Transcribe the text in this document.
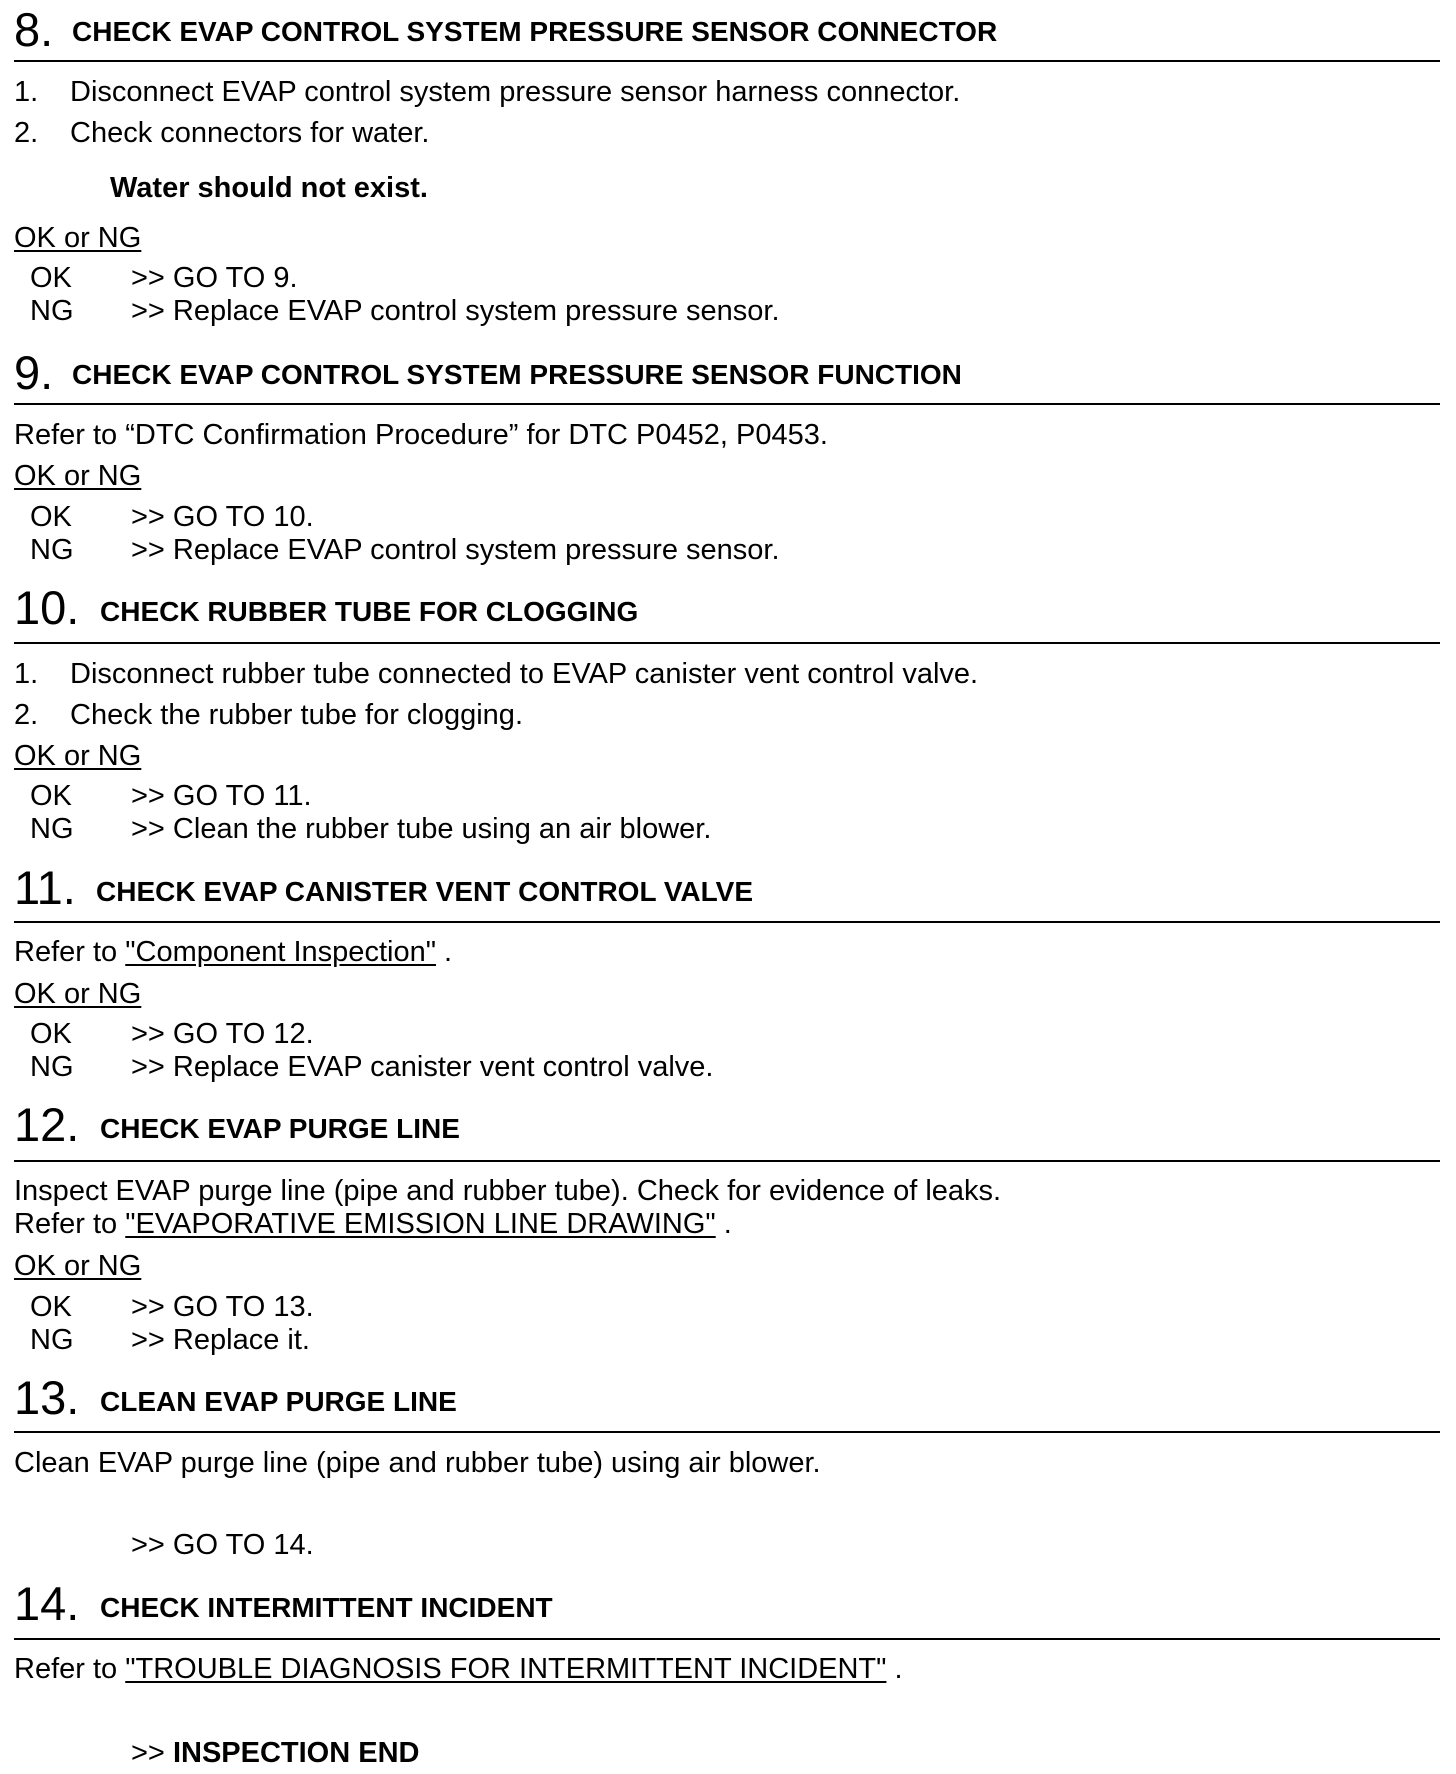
8. CHECK EVAP CONTROL SYSTEM PRESSURE SENSOR CONNECTOR
1. Disconnect EVAP control system pressure sensor harness connector.
2. Check connectors for water.
Water should not exist.
OK or NG
OK >> GO TO 9.
NG >> Replace EVAP control system pressure sensor.
9. CHECK EVAP CONTROL SYSTEM PRESSURE SENSOR FUNCTION
Refer to “DTC Confirmation Procedure” for DTC P0452, P0453.
OK or NG
OK >> GO TO 10.
NG >> Replace EVAP control system pressure sensor.
10. CHECK RUBBER TUBE FOR CLOGGING
1. Disconnect rubber tube connected to EVAP canister vent control valve.
2. Check the rubber tube for clogging.
OK or NG
OK >> GO TO 11.
NG >> Clean the rubber tube using an air blower.
11. CHECK EVAP CANISTER VENT CONTROL VALVE
Refer to "Component Inspection" .
OK or NG
OK >> GO TO 12.
NG >> Replace EVAP canister vent control valve.
12. CHECK EVAP PURGE LINE
Inspect EVAP purge line (pipe and rubber tube). Check for evidence of leaks.
Refer to "EVAPORATIVE EMISSION LINE DRAWING" .
OK or NG
OK >> GO TO 13.
NG >> Replace it.
13. CLEAN EVAP PURGE LINE
Clean EVAP purge line (pipe and rubber tube) using air blower.
>> GO TO 14.
14. CHECK INTERMITTENT INCIDENT
Refer to "TROUBLE DIAGNOSIS FOR INTERMITTENT INCIDENT" .
>> INSPECTION END
